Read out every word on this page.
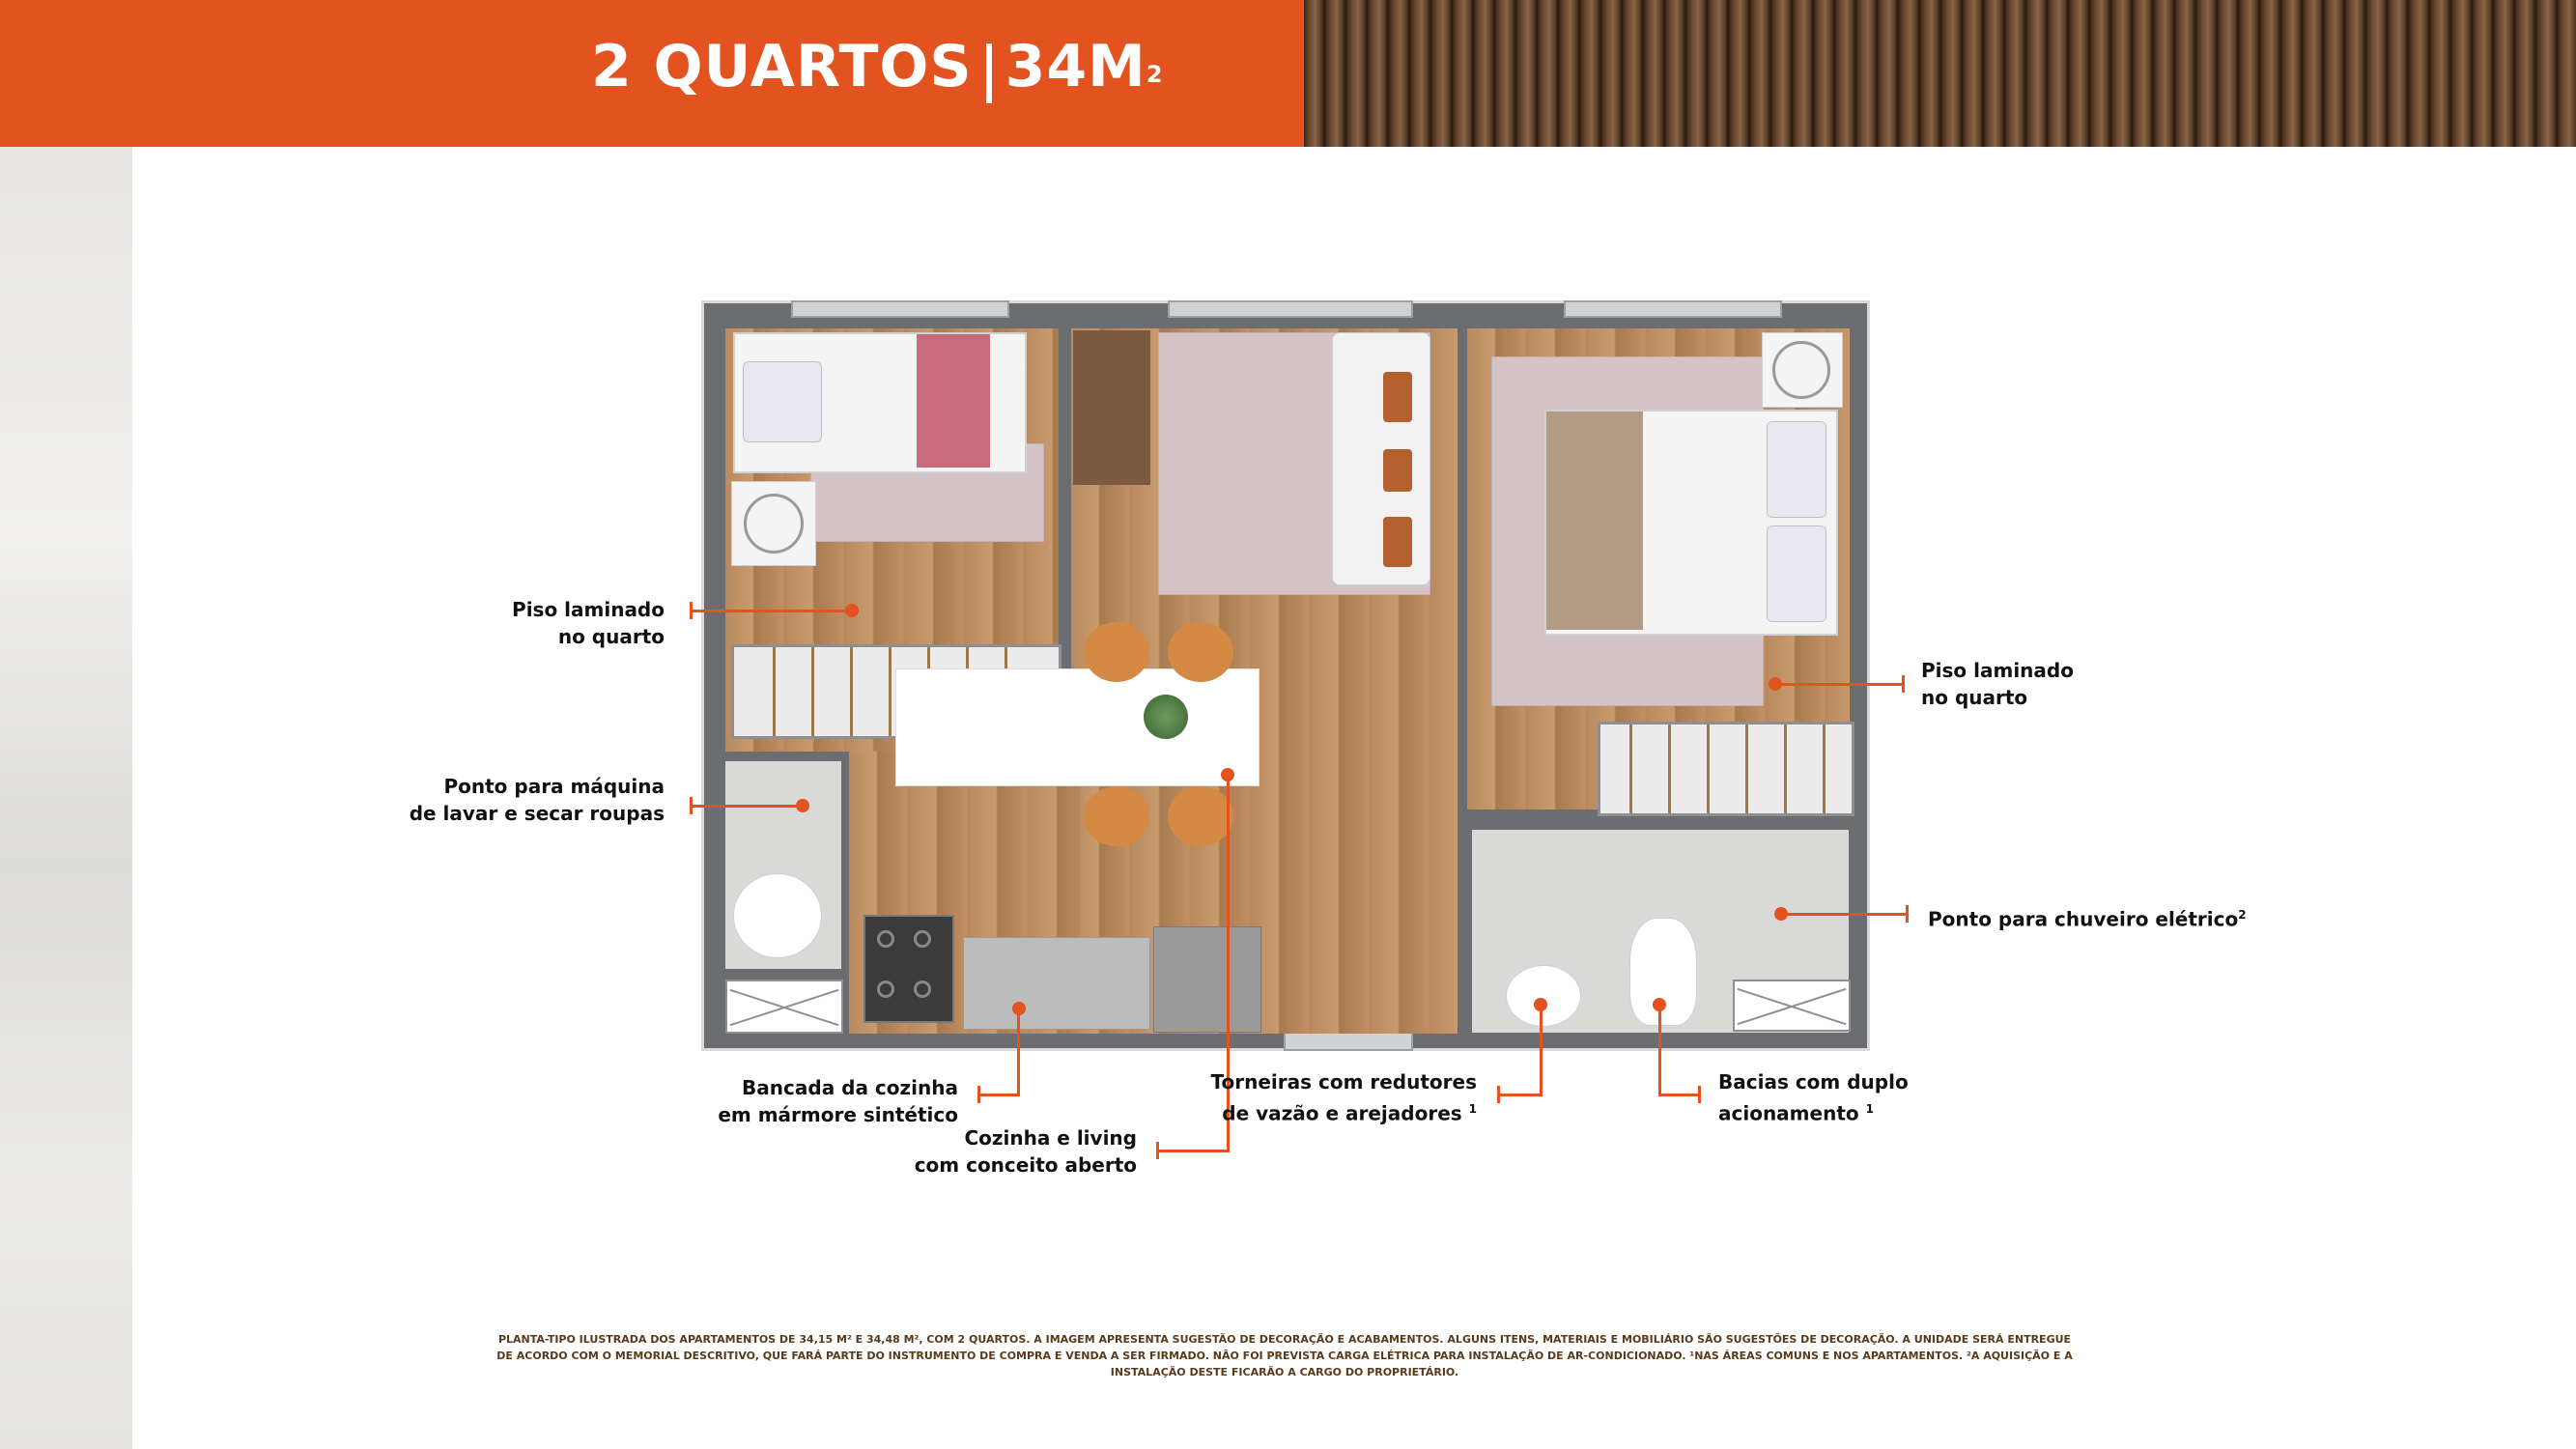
2 QUARTOS $34M^2$
Piso laminado
no quarto
Ponto para máquina
de lavar e secar roupas
Bancada da cozinha
em mármore sintético
Cozinha e living
com conceito aberto
Torneiras com redutores
de vazão e arejadores $^1$
Bacias com duplo
acionamento $^1$
Piso laminado
no quarto
Ponto para chuveiro elétrico$^2$
PLANTA-TIPO ILUSTRADA DOS APARTAMENTOS DE 34,15 M² E 34,48 M², COM 2 QUARTOS. A IMAGEM APRESENTA SUGESTÃO DE DECORAÇÃO E ACABAMENTOS. ALGUNS ITENS, MATERIAIS E MOBILIÁRIO SÃO SUGESTÕES DE DECORAÇÃO. A UNIDADE SERÁ ENTREGUE
DE ACORDO COM O MEMORIAL DESCRITIVO, QUE FARÁ PARTE DO INSTRUMENTO DE COMPRA E VENDA A SER FIRMADO. NÃO FOI PREVISTA CARGA ELÉTRICA PARA INSTALAÇÃO DE AR-CONDICIONADO. ¹NAS ÁREAS COMUNS E NOS APARTAMENTOS. ²A AQUISIÇÃO E A
INSTALAÇÃO DESTE FICARÃO A CARGO DO PROPRIETÁRIO.
